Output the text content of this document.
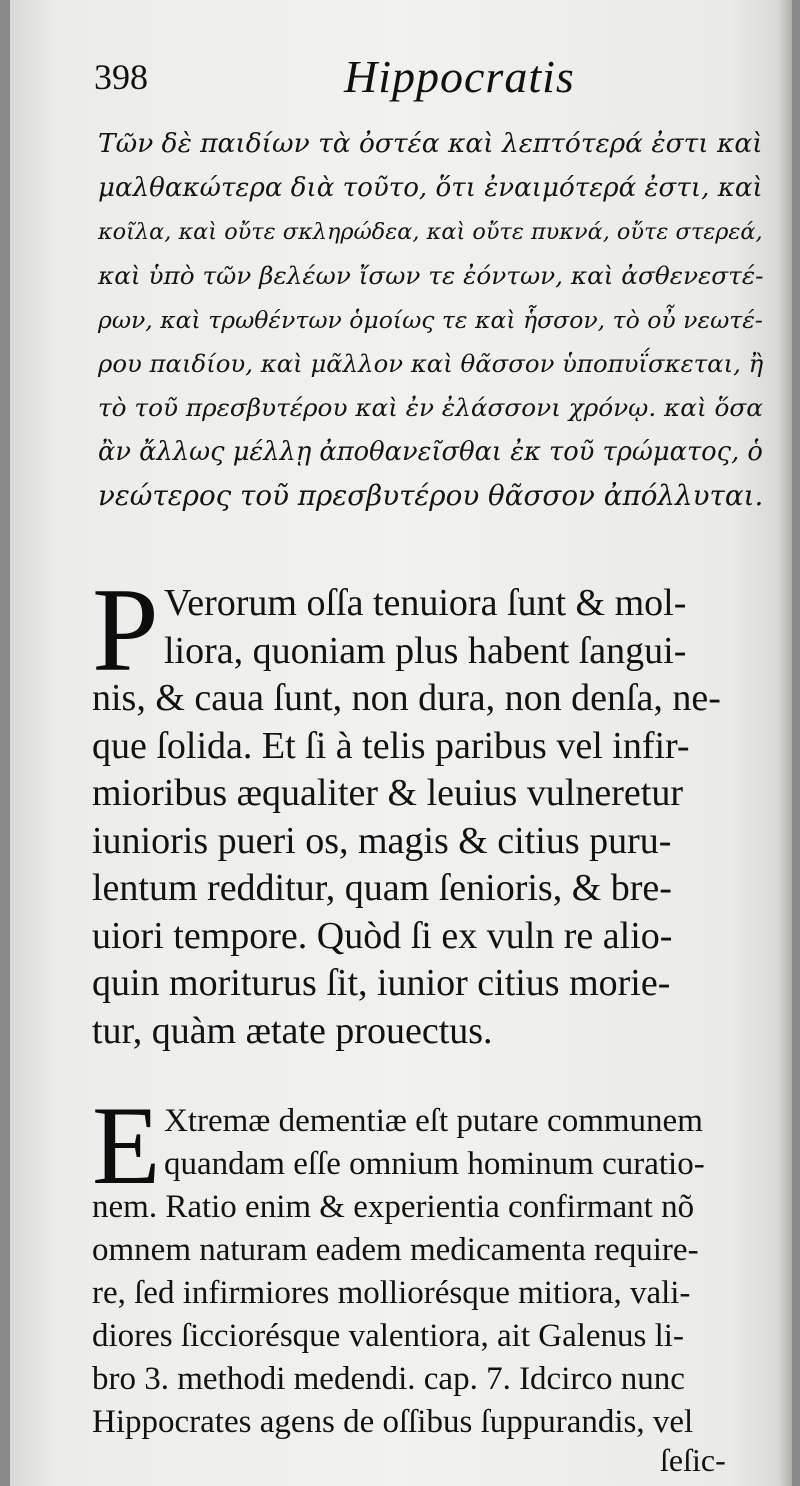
398	Hippocratis
Τῶν δὲ παιδίων τὰ ὀστέα καὶ λεπτότερά ἐστι καὶ
μαλθακώτερα διὰ τοῦτο, ὅτι ἐναιμότερά ἐστι, καὶ
κοῖλα, καὶ οὔτε σκληρώδεα, καὶ οὔτε πυκνά, οὔτε στερεά,
καὶ ὑπὸ τῶν βελέων ἴσων τε ἐόντων, καὶ ἀσθενεστέ-
ρων, καὶ τρωθέντων ὁμοίως τε καὶ ἧσσον, τὸ οὖ νεωτέ-
ρου παιδίου, καὶ μᾶλλον καὶ θᾶσσον ὑποπυΐσκεται, ἢ
τὸ τοῦ πρεσβυτέρου καὶ ἐν ἐλάσσονι χρόνῳ. καὶ ὅσα
ἂν ἄλλως μέλλῃ ἀποθανεῖσθαι ἐκ τοῦ τρώματος, ὁ
νεώτερος τοῦ πρεσβυτέρου θᾶσσον ἀπόλλυται.
P Verorum oſſa tenuiora ſunt & mol-
liora, quoniam plus habent ſangui-
nis, & caua ſunt, non dura, non denſa, ne-
que ſolida. Et ſi à telis paribus vel infir-
mioribus æqualiter & leuius vulneretur
iunioris pueri os, magis & citius puru-
lentum redditur, quam ſenioris, & bre-
uiori tempore. Quòd ſi ex vuln re alio-
quin moriturus ſit, iunior citius morie-
tur, quàm ætate prouectus.
E Xtremæ dementiæ eſt putare communem
quandam eſſe omnium hominum curatio-
nem. Ratio enim & experientia confirmant nõ
omnem naturam eadem medicamenta require-
re, ſed infirmiores molliorésque mitiora, vali-
diores ſicciorésque valentiora, ait Galenus li-
bro 3. methodi medendi. cap. 7. Idcirco nunc
Hippocrates agens de oſſibus ſuppurandis, vel
ſeſic-
